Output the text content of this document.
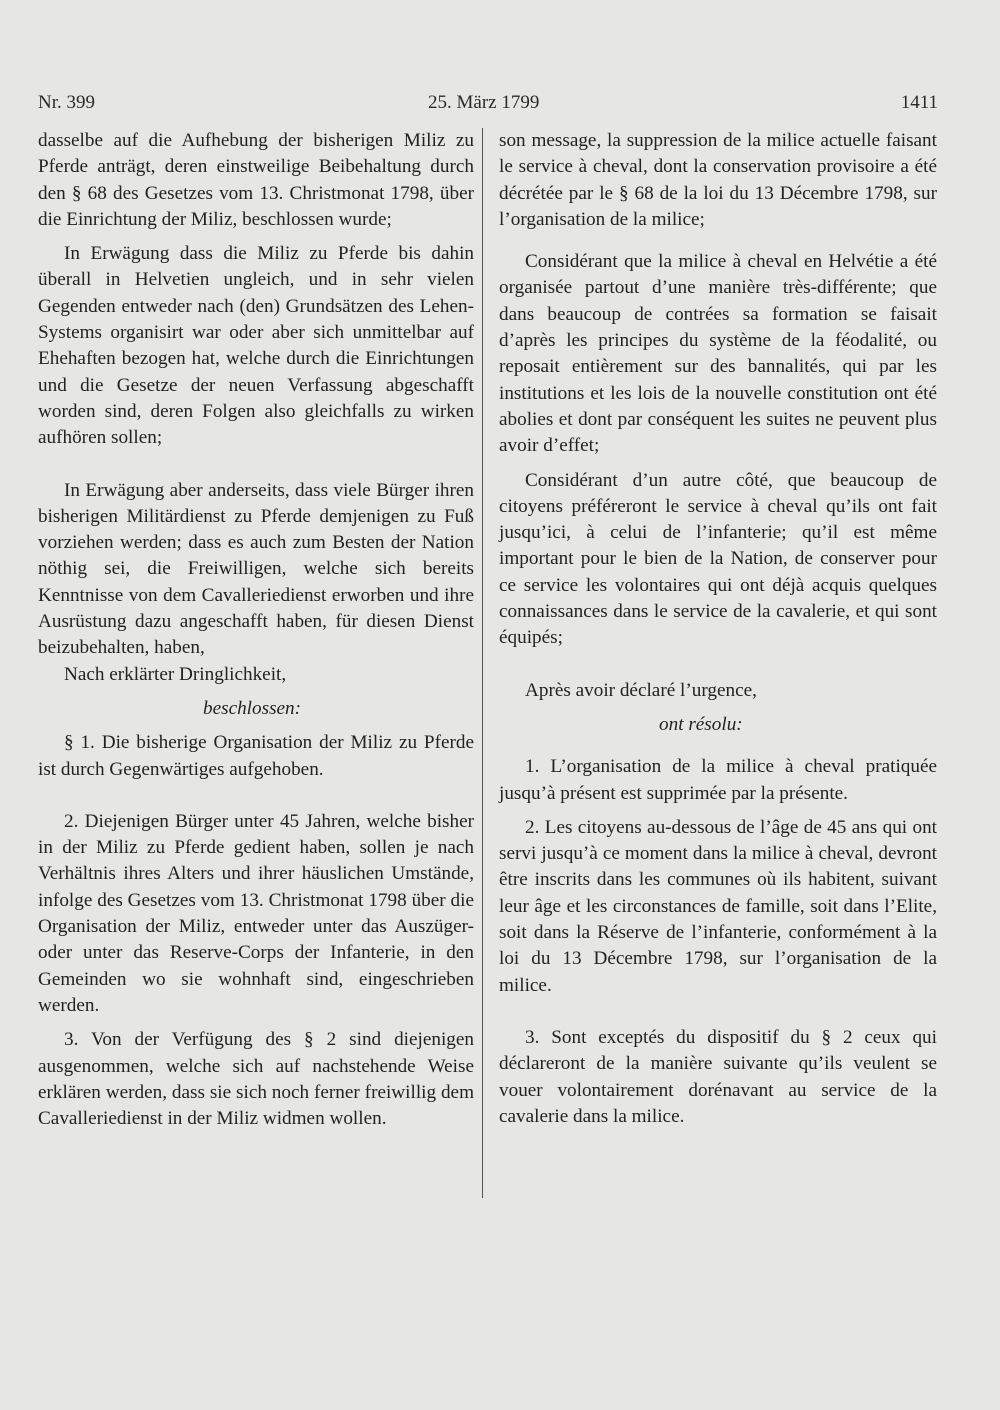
Nr. 399	25. März 1799	1411

dasselbe auf die Aufhebung der bisherigen Miliz zu Pferde anträgt, deren einstweilige Beibehaltung durch den § 68 des Gesetzes vom 13. Christmonat 1798, über die Einrichtung der Miliz, beschlossen wurde;

In Erwägung dass die Miliz zu Pferde bis dahin überall in Helvetien ungleich, und in sehr vielen Gegenden entweder nach (den) Grundsätzen des Lehen-Systems organisirt war oder aber sich unmittelbar auf Ehehaften bezogen hat, welche durch die Einrichtungen und die Gesetze der neuen Verfassung abgeschafft worden sind, deren Folgen also gleichfalls zu wirken aufhören sollen;

In Erwägung aber anderseits, dass viele Bürger ihren bisherigen Militärdienst zu Pferde demjenigen zu Fuß vorziehen werden; dass es auch zum Besten der Nation nöthig sei, die Freiwilligen, welche sich bereits Kenntnisse von dem Cavalleriedienst erworben und ihre Ausrüstung dazu angeschafft haben, für diesen Dienst beizubehalten, haben,

Nach erklärter Dringlichkeit,

beschlossen:

§ 1. Die bisherige Organisation der Miliz zu Pferde ist durch Gegenwärtiges aufgehoben.

2. Diejenigen Bürger unter 45 Jahren, welche bisher in der Miliz zu Pferde gedient haben, sollen je nach Verhältnis ihres Alters und ihrer häuslichen Umstände, infolge des Gesetzes vom 13. Christmonat 1798 über die Organisation der Miliz, entweder unter das Auszüger- oder unter das Reserve-Corps der Infanterie, in den Gemeinden wo sie wohnhaft sind, eingeschrieben werden.

3. Von der Verfügung des § 2 sind diejenigen ausgenommen, welche sich auf nachstehende Weise erklären werden, dass sie sich noch ferner freiwillig dem Cavalleriedienst in der Miliz widmen wollen.

son message, la suppression de la milice actuelle faisant le service à cheval, dont la conservation provisoire a été décrétée par le § 68 de la loi du 13 Décembre 1798, sur l’organisation de la milice;

Considérant que la milice à cheval en Helvétie a été organisée partout d’une manière très-différente; que dans beaucoup de contrées sa formation se faisait d’après les principes du système de la féodalité, ou reposait entièrement sur des bannalités, qui par les institutions et les lois de la nouvelle constitution ont été abolies et dont par conséquent les suites ne peuvent plus avoir d’effet;

Considérant d’un autre côté, que beaucoup de citoyens préféreront le service à cheval qu’ils ont fait jusqu’ici, à celui de l’infanterie; qu’il est même important pour le bien de la Nation, de conserver pour ce service les volontaires qui ont déjà acquis quelques connaissances dans le service de la cavalerie, et qui sont équipés;

Après avoir déclaré l’urgence,

ont résolu:

1. L’organisation de la milice à cheval pratiquée jusqu’à présent est supprimée par la présente.

2. Les citoyens au-dessous de l’âge de 45 ans qui ont servi jusqu’à ce moment dans la milice à cheval, devront être inscrits dans les communes où ils habitent, suivant leur âge et les circonstances de famille, soit dans l’Elite, soit dans la Réserve de l’infanterie, conformément à la loi du 13 Décembre 1798, sur l’organisation de la milice.

3. Sont exceptés du dispositif du § 2 ceux qui déclareront de la manière suivante qu’ils veulent se vouer volontairement dorénavant au service de la cavalerie dans la milice.
